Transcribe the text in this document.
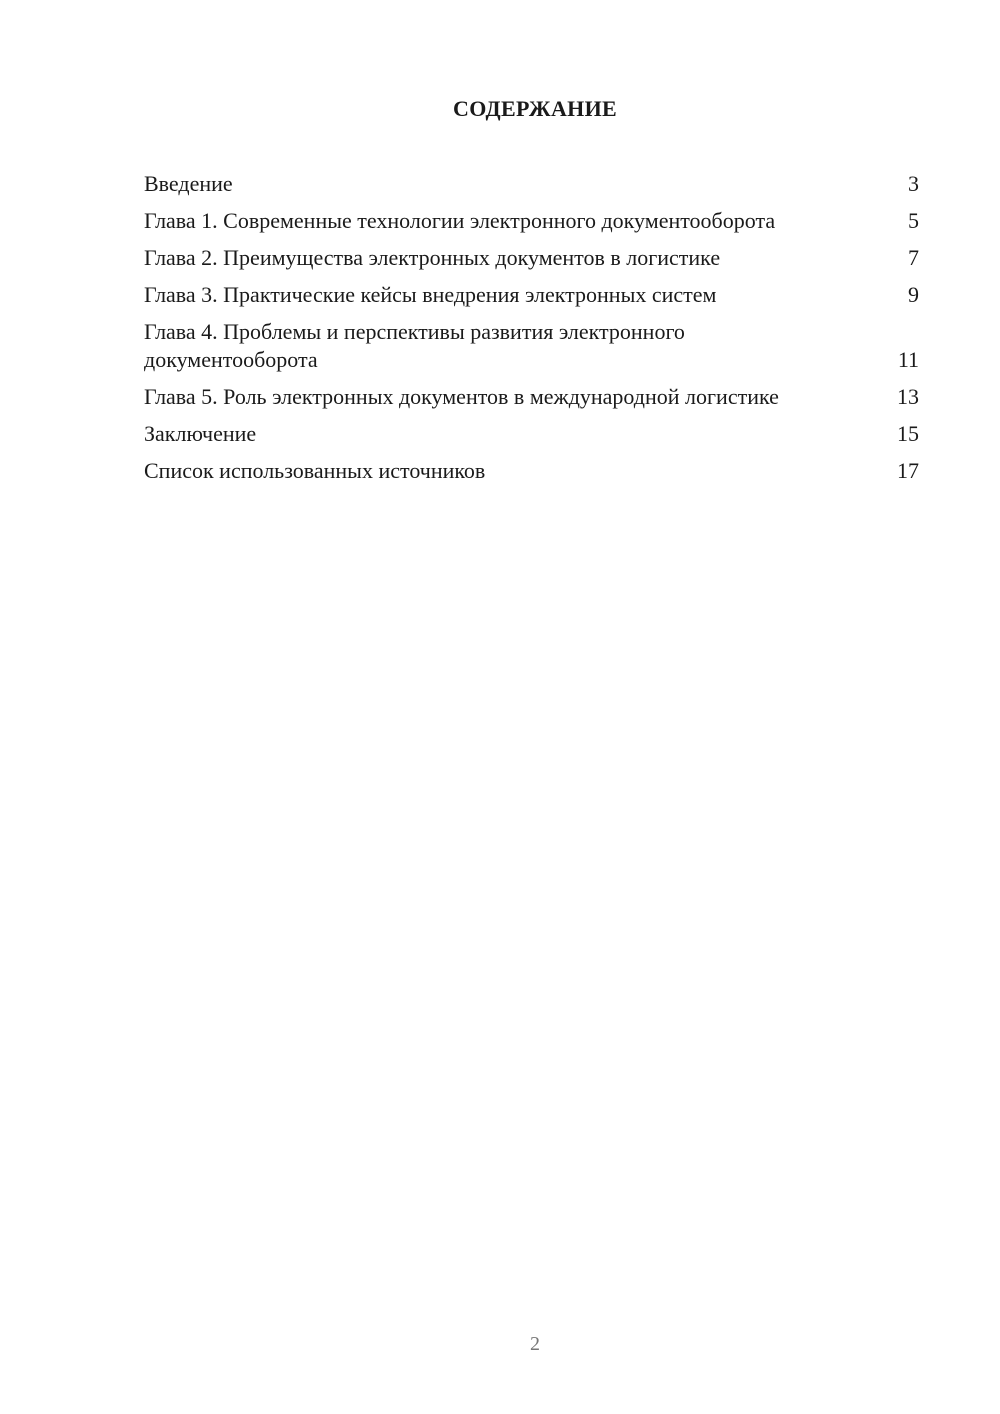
СОДЕРЖАНИЕ
Введение	3
Глава 1. Современные технологии электронного документооборота	5
Глава 2. Преимущества электронных документов в логистике	7
Глава 3. Практические кейсы внедрения электронных систем	9
Глава 4. Проблемы и перспективы развития электронного документооборота	11
Глава 5. Роль электронных документов в международной логистике	13
Заключение	15
Список использованных источников	17
2
